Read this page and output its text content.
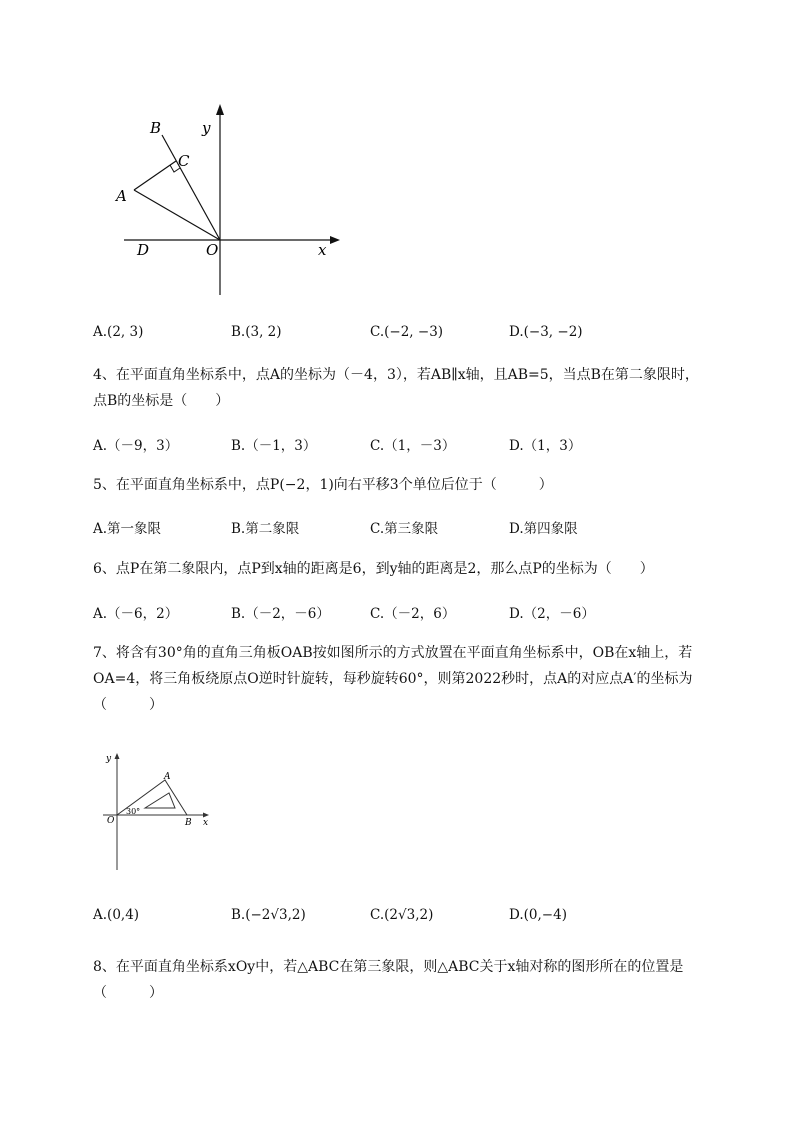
B	y
C
A
D	O	x
A.(2, 3)	B.(3, 2)	C.(−2, −3)	D.(−3, −2)
4、在平面直角坐标系中，点A的坐标为（－4，3），若AB∥x轴，且AB=5，当点B在第二象限时，
点B的坐标是（　　）
A.（－9，3）	B.（－1，3）	C.（1，－3）	D.（1，3）
5、在平面直角坐标系中，点P(−2，1)向右平移3个单位后位于（　　　）
A.第一象限	B.第二象限	C.第三象限	D.第四象限
6、点P在第二象限内，点P到x轴的距离是6，到y轴的距离是2，那么点P的坐标为（　　）
A.（－6，2）	B.（－2，－6）	C.（－2，6）	D.（2，－6）
7、将含有30°角的直角三角板OAB按如图所示的方式放置在平面直角坐标系中，OB在x轴上，若
OA=4，将三角板绕原点O逆时针旋转，每秒旋转60°，则第2022秒时，点A的对应点A′的坐标为
（　　　）
y
A
O
30°
B x
A.(0,4)	B.(−2√3,2)	C.(2√3,2)	D.(0,−4)
8、在平面直角坐标系xOy中，若△ABC在第三象限，则△ABC关于x轴对称的图形所在的位置是
（　　　）
